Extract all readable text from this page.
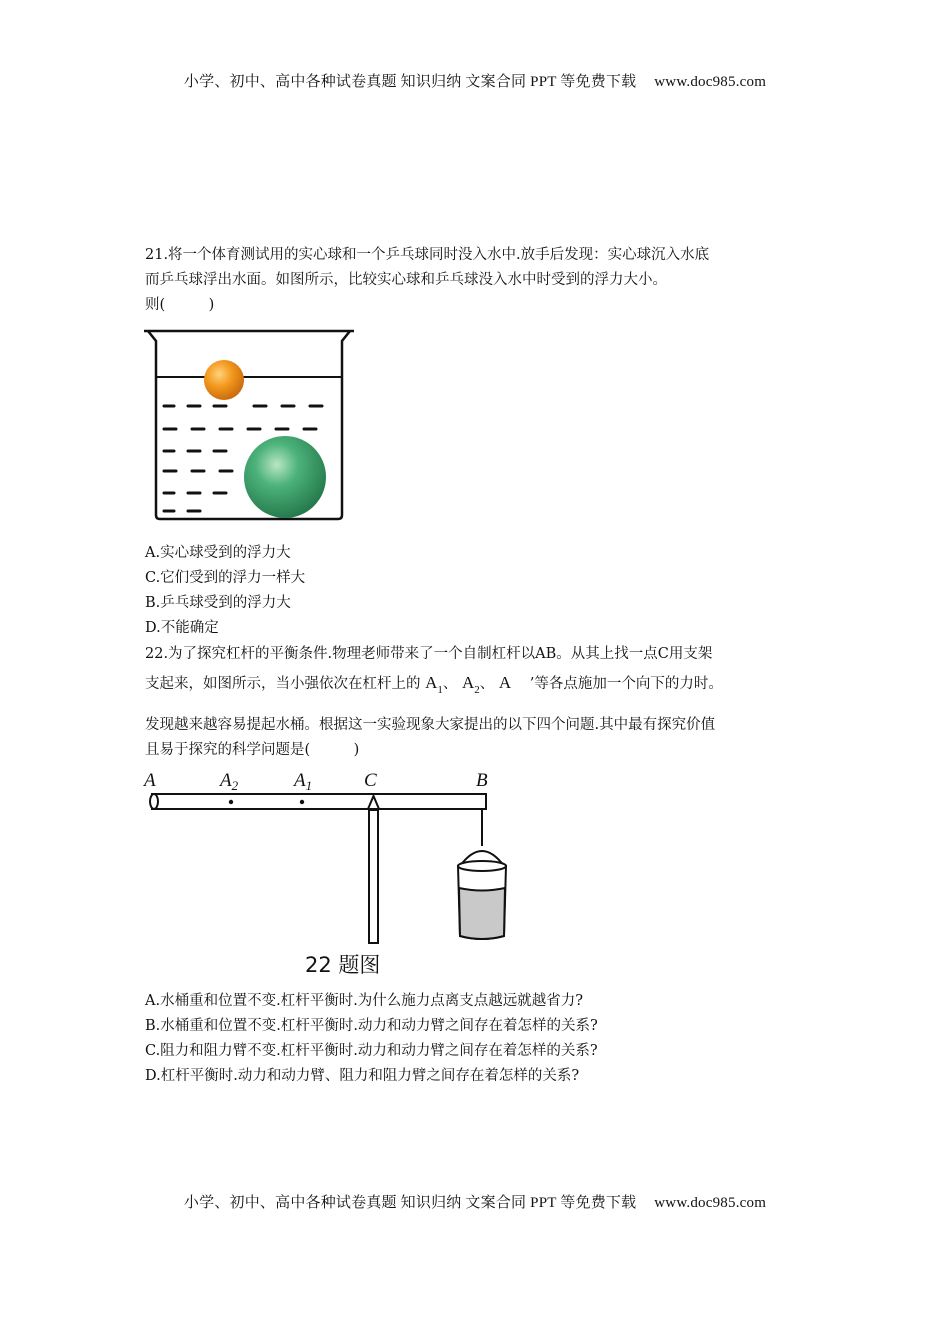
小学、初中、高中各种试卷真题 知识归纳 文案合同 PPT 等免费下载 www.doc985.com
21.将一个体育测试用的实心球和一个乒乓球同时没入水中.放手后发现：实心球沉入水底
而乒乓球浮出水面。如图所示，比较实心球和乒乓球没入水中时受到的浮力大小。
则(　　　)
A.实心球受到的浮力大
C.它们受到的浮力一样大
B.乒乓球受到的浮力大
D.不能确定
22.为了探究杠杆的平衡条件.物理老师带来了一个自制杠杆以AB。从其上找一点C用支架
支起来，如图所示，当小强依次在杠杆上的 $A_1$、 $A_2$、 A ’等各点施加一个向下的力时。
发现越来越容易提起水桶。根据这一实验现象大家提出的以下四个问题.其中最有探究价值
且易于探究的科学问题是(　　　)
A	$A_2$	$A_1$	C	B
22 题图
A.水桶重和位置不变.杠杆平衡时.为什么施力点离支点越远就越省力?
B.水桶重和位置不变.杠杆平衡时.动力和动力臂之间存在着怎样的关系?
C.阻力和阻力臂不变.杠杆平衡时.动力和动力臂之间存在着怎样的关系?
D.杠杆平衡时.动力和动力臂、阻力和阻力臂之间存在着怎样的关系?
小学、初中、高中各种试卷真题 知识归纳 文案合同 PPT 等免费下载 www.doc985.com
